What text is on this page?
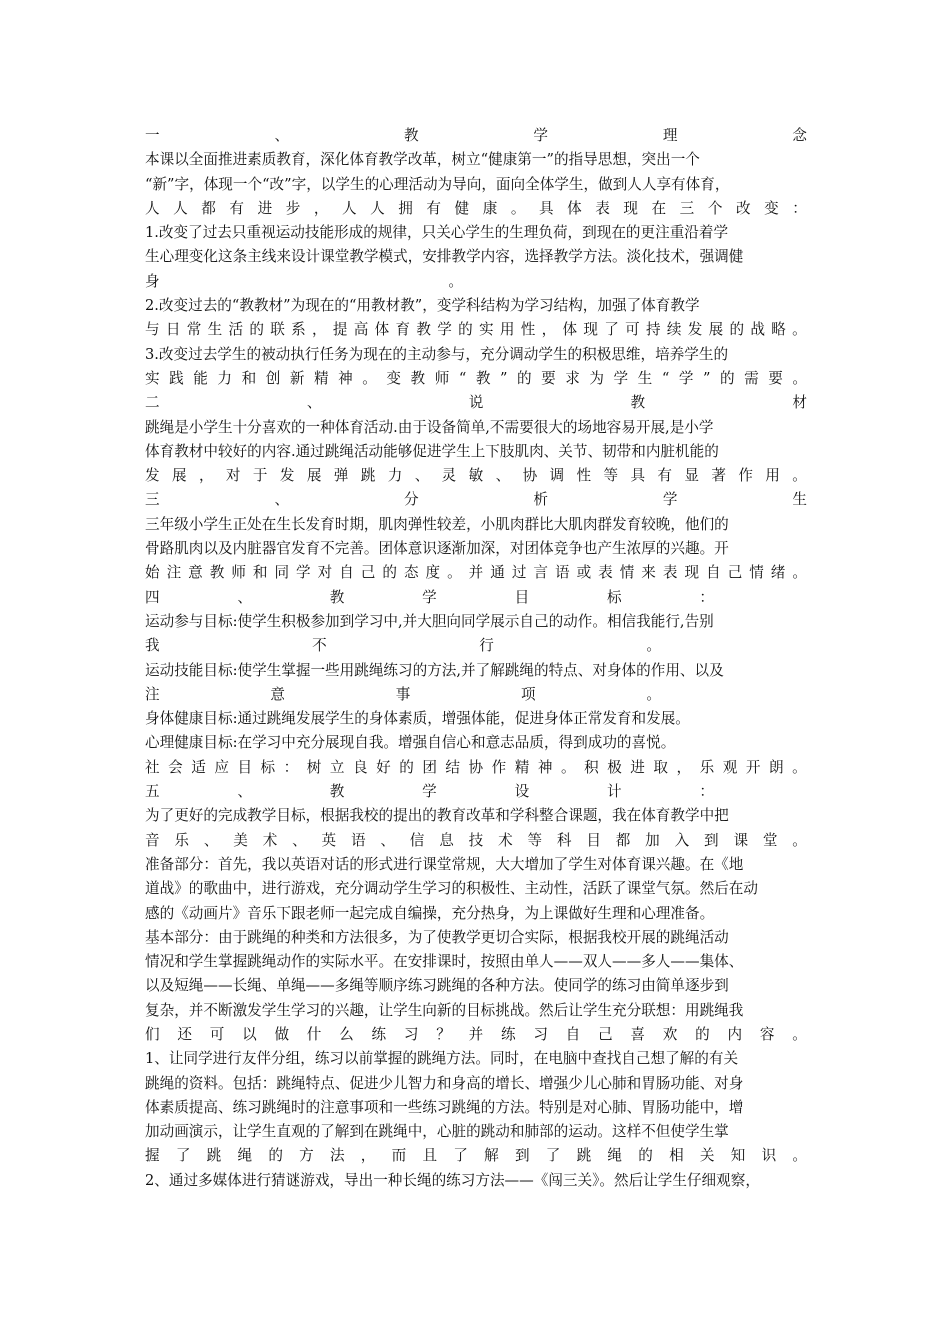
一	、	教	学	理	念
本课以全面推进素质教育，深化体育教学改革，树立“健康第一”的指导思想，突出一个
“新”字，体现一个“改”字，以学生的心理活动为导向，面向全体学生，做到人人享有体育，
人 人 都 有 进 步 ， 人 人 拥 有 健 康 。 具 体 表 现 在 三 个 改 变 ：
1.改变了过去只重视运动技能形成的规律，只关心学生的生理负荷，到现在的更注重沿着学
生心理变化这条主线来设计课堂教学模式，安排教学内容，选择教学方法。淡化技术，强调健
身	。
2.改变过去的“教教材”为现在的“用教材教”，变学科结构为学习结构，加强了体育教学
与 日 常 生 活 的 联 系 ， 提 高 体 育 教 学 的 实 用 性 ， 体 现 了 可 持 续 发 展 的 战 略 。
3.改变过去学生的被动执行任务为现在的主动参与，充分调动学生的积极思维，培养学生的
实 践 能 力 和 创 新 精 神 。 变 教 师 “ 教 ” 的 要 求 为 学 生 “ 学 ” 的 需 要 。
二	、	说	教	材
跳绳是小学生十分喜欢的一种体育活动.由于设备简单,不需要很大的场地容易开展,是小学
体育教材中较好的内容.通过跳绳活动能够促进学生上下肢肌肉、关节、韧带和内脏机能的
发 展 ， 对 于 发 展 弹 跳 力 、 灵 敏 、 协 调 性 等 具 有 显 著 作 用 。
三	、	分	析	学	生
三年级小学生正处在生长发育时期，肌肉弹性较差，小肌肉群比大肌肉群发育较晚，他们的
骨路肌肉以及内脏器官发育不完善。团体意识逐渐加深，对团体竞争也产生浓厚的兴趣。开
始 注 意 教 师 和 同 学 对 自 己 的 态 度 。 并 通 过 言 语 或 表 情 来 表 现 自 己 情 绪 。
四	、	教	学	目	标	：
运动参与目标:使学生积极参加到学习中,并大胆向同学展示自己的动作。相信我能行,告别
我	不	行	。
运动技能目标:使学生掌握一些用跳绳练习的方法,并了解跳绳的特点、对身体的作用、以及
注	意	事	项	。
身体健康目标:通过跳绳发展学生的身体素质，增强体能，促进身体正常发育和发展。
心理健康目标:在学习中充分展现自我。增强自信心和意志品质，得到成功的喜悦。
社 会 适 应 目 标 ： 树 立 良 好 的 团 结 协 作 精 神 。 积 极 进 取 ， 乐 观 开 朗 。
五	、	教	学	设	计	：
为了更好的完成教学目标，根据我校的提出的教育改革和学科整合课题，我在体育教学中把
音 乐 、 美 术 、 英 语 、 信 息 技 术 等 科 目 都 加 入 到 课 堂 。
准备部分：首先，我以英语对话的形式进行课堂常规，大大增加了学生对体育课兴趣。在《地
道战》的歌曲中，进行游戏，充分调动学生学习的积极性、主动性，活跃了课堂气氛。然后在动
感的《动画片》音乐下跟老师一起完成自编操，充分热身，为上课做好生理和心理准备。
基本部分：由于跳绳的种类和方法很多，为了使教学更切合实际，根据我校开展的跳绳活动
情况和学生掌握跳绳动作的实际水平。在安排课时，按照由单人——双人——多人——集体、
以及短绳——长绳、单绳——多绳等顺序练习跳绳的各种方法。使同学的练习由简单逐步到
复杂，并不断激发学生学习的兴趣，让学生向新的目标挑战。然后让学生充分联想：用跳绳我
们 还 可 以 做 什 么 练 习 ？ 并 练 习 自 己 喜 欢 的 内 容 。
1、让同学进行友伴分组，练习以前掌握的跳绳方法。同时，在电脑中查找自己想了解的有关
跳绳的资料。包括：跳绳特点、促进少儿智力和身高的增长、增强少儿心肺和胃肠功能、对身
体素质提高、练习跳绳时的注意事项和一些练习跳绳的方法。特别是对心肺、胃肠功能中，增
加动画演示，让学生直观的了解到在跳绳中，心脏的跳动和肺部的运动。这样不但使学生掌
握 了 跳 绳 的 方 法 ， 而 且 了 解 到 了 跳 绳 的 相 关 知 识 。
2、通过多媒体进行猜谜游戏，导出一种长绳的练习方法——《闯三关》。然后让学生仔细观察，
